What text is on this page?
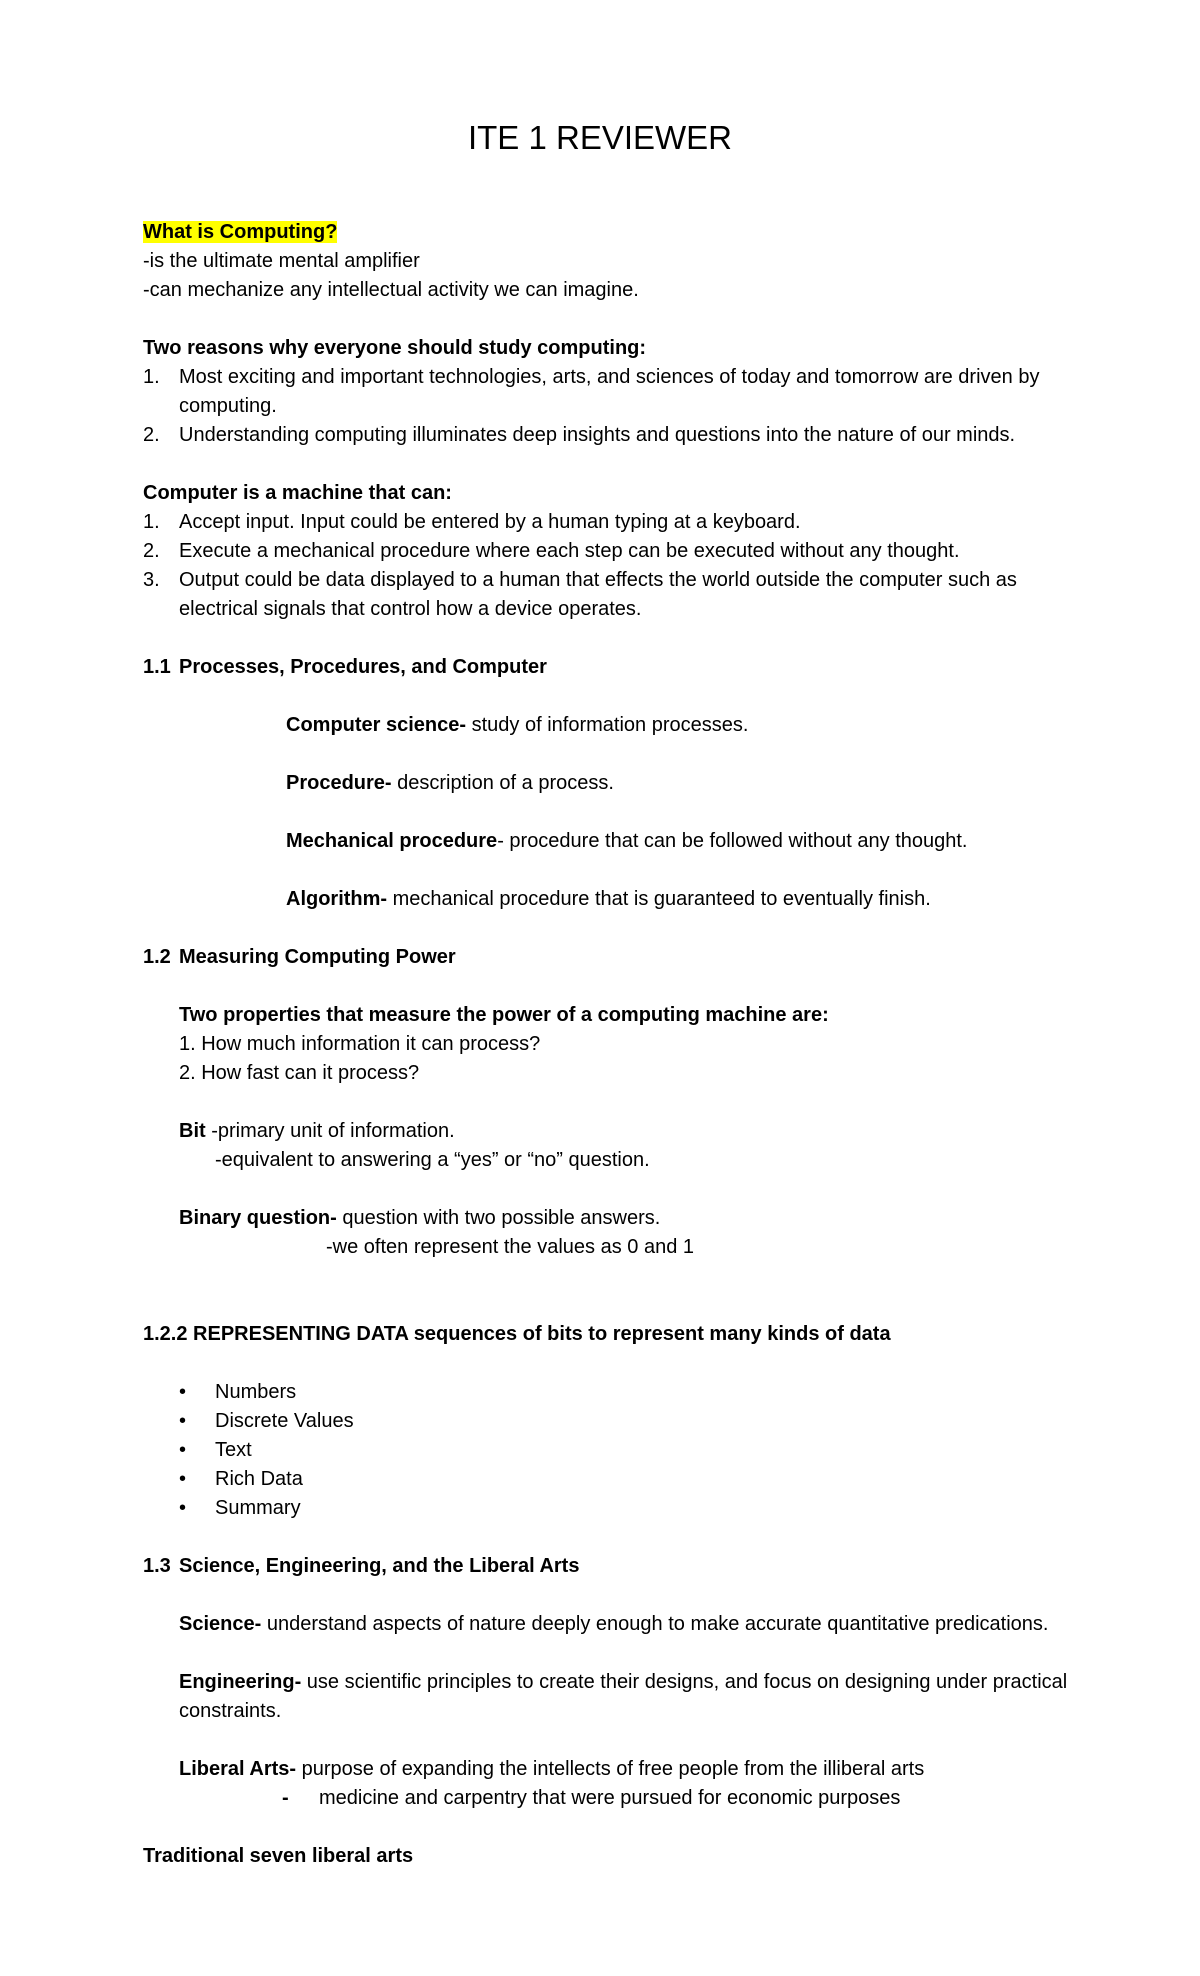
ITE 1 REVIEWER
What is Computing?
-is the ultimate mental amplifier
-can mechanize any intellectual activity we can imagine.
Two reasons why everyone should study computing:
1. Most exciting and important technologies, arts, and sciences of today and tomorrow are driven by
computing.
2. Understanding computing illuminates deep insights and questions into the nature of our minds.
Computer is a machine that can:
1. Accept input. Input could be entered by a human typing at a keyboard.
2. Execute a mechanical procedure where each step can be executed without any thought.
3. Output could be data displayed to a human that effects the world outside the computer such as
electrical signals that control how a device operates.
1.1 Processes, Procedures, and Computer
Computer science- study of information processes.
Procedure- description of a process.
Mechanical procedure- procedure that can be followed without any thought.
Algorithm- mechanical procedure that is guaranteed to eventually finish.
1.2 Measuring Computing Power
Two properties that measure the power of a computing machine are:
1. How much information it can process?
2. How fast can it process?
Bit -primary unit of information.
-equivalent to answering a “yes” or “no” question.
Binary question- question with two possible answers.
-we often represent the values as 0 and 1
1.2.2 REPRESENTING DATA sequences of bits to represent many kinds of data
• Numbers
• Discrete Values
• Text
• Rich Data
• Summary
1.3 Science, Engineering, and the Liberal Arts
Science- understand aspects of nature deeply enough to make accurate quantitative predications.
Engineering- use scientific principles to create their designs, and focus on designing under practical
constraints.
Liberal Arts- purpose of expanding the intellects of free people from the illiberal arts
- medicine and carpentry that were pursued for economic purposes
Traditional seven liberal arts
